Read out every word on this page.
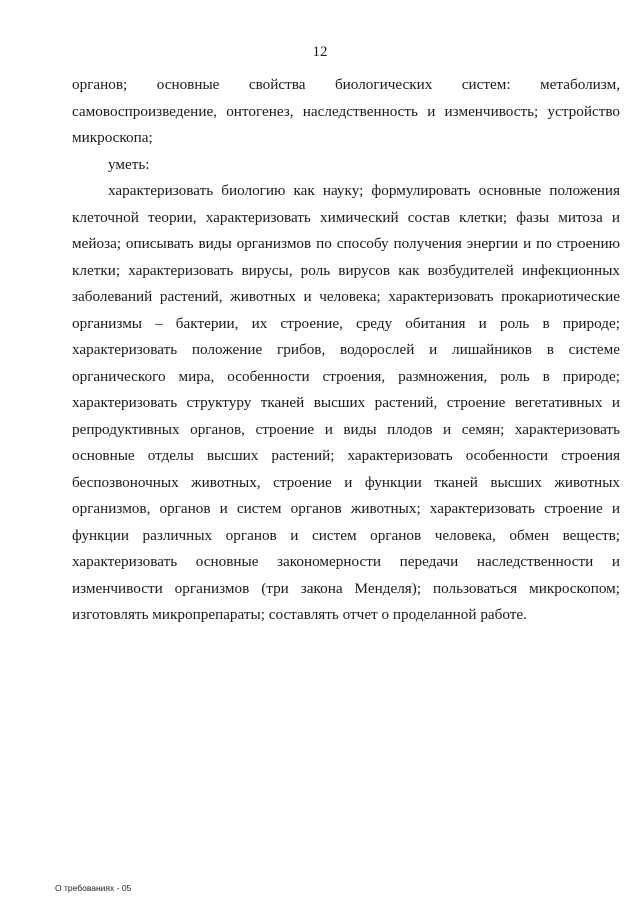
12

органов; основные свойства биологических систем: метаболизм, самовоспроизведение, онтогенез, наследственность и изменчивость; устройство микроскопа;

уметь:

характеризовать биологию как науку; формулировать основные положения клеточной теории, характеризовать химический состав клетки; фазы митоза и мейоза; описывать виды организмов по способу получения энергии и по строению клетки; характеризовать вирусы, роль вирусов как возбудителей инфекционных заболеваний растений, животных и человека; характеризовать прокариотические организмы – бактерии, их строение, среду обитания и роль в природе; характеризовать положение грибов, водорослей и лишайников в системе органического мира, особенности строения, размножения, роль в природе; характеризовать структуру тканей высших растений, строение вегетативных и репродуктивных органов, строение и виды плодов и семян; характеризовать основные отделы высших растений; характеризовать особенности строения беспозвоночных животных, строение и функции тканей высших животных организмов, органов и систем органов животных; характеризовать строение и функции различных органов и систем органов человека, обмен веществ; характеризовать основные закономерности передачи наследственности и изменчивости организмов (три закона Менделя); пользоваться микроскопом; изготовлять микропрепараты; составлять отчет о проделанной работе.

О требованиях - 05
